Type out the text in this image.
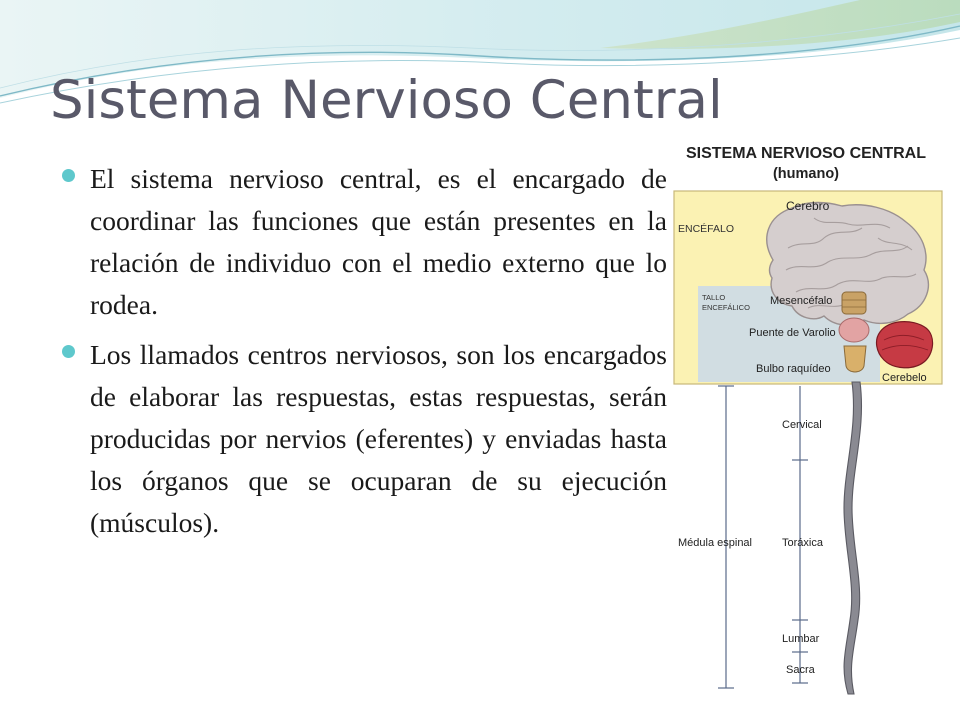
Sistema Nervioso Central
El sistema nervioso central, es el encargado de coordinar las funciones que están presentes en la relación de individuo con el medio externo que lo rodea.
Los llamados centros nerviosos, son los encargados de elaborar las respuestas, estas respuestas, serán producidas por nervios (eferentes) y enviadas hasta los órganos que se ocuparan de su ejecución (músculos).
SISTEMA NERVIOSO CENTRAL
(humano)
Cerebro
ENCÉFALO
TALLO
ENCEFÁLICO
Mesencéfalo
Puente de Varolio
Bulbo raquídeo
Cerebelo
Cervical
Médula espinal	Toráxica
Lumbar
Sacra
